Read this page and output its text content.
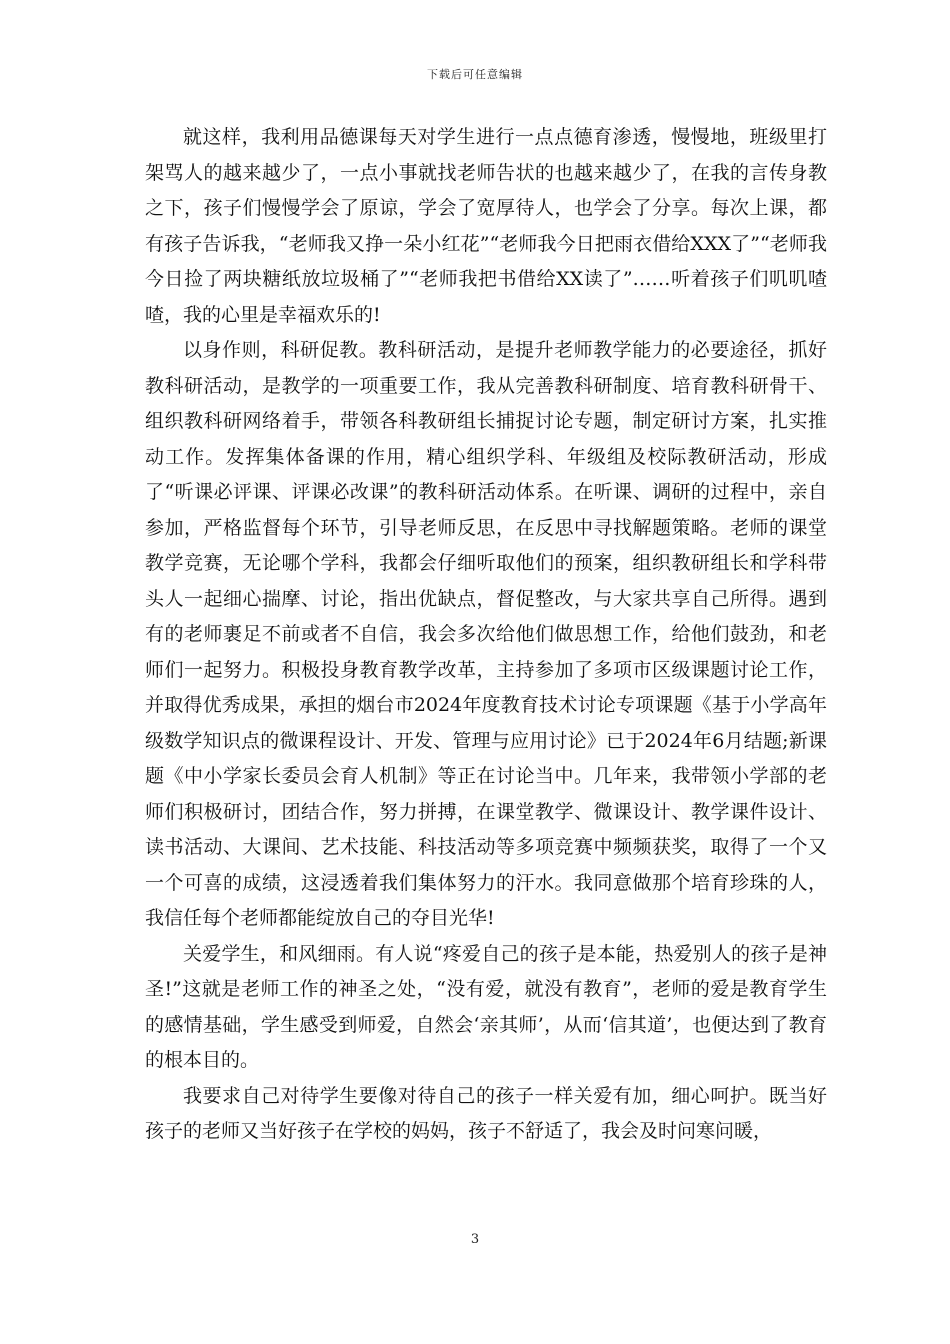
下载后可任意编辑

就这样，我利用品德课每天对学生进行一点点德育渗透，慢慢地，班级里打架骂人的越来越少了，一点小事就找老师告状的也越来越少了，在我的言传身教之下，孩子们慢慢学会了原谅，学会了宽厚待人，也学会了分享。每次上课，都有孩子告诉我，“老师我又挣一朵小红花”“老师我今日把雨衣借给XXX了”“老师我今日捡了两块糖纸放垃圾桶了”“老师我把书借给XX读了”……听着孩子们叽叽喳喳，我的心里是幸福欢乐的!

以身作则，科研促教。教科研活动，是提升老师教学能力的必要途径，抓好教科研活动，是教学的一项重要工作，我从完善教科研制度、培育教科研骨干、组织教科研网络着手，带领各科教研组长捕捉讨论专题，制定研讨方案，扎实推动工作。发挥集体备课的作用，精心组织学科、年级组及校际教研活动，形成了“听课必评课、评课必改课”的教科研活动体系。在听课、调研的过程中，亲自参加，严格监督每个环节，引导老师反思，在反思中寻找解题策略。老师的课堂教学竞赛，无论哪个学科，我都会仔细听取他们的预案，组织教研组长和学科带头人一起细心揣摩、讨论，指出优缺点，督促整改，与大家共享自己所得。遇到有的老师裹足不前或者不自信，我会多次给他们做思想工作，给他们鼓劲，和老师们一起努力。积极投身教育教学改革，主持参加了多项市区级课题讨论工作，并取得优秀成果，承担的烟台市2024年度教育技术讨论专项课题《基于小学高年级数学知识点的微课程设计、开发、管理与应用讨论》已于2024年6月结题;新课题《中小学家长委员会育人机制》等正在讨论当中。几年来，我带领小学部的老师们积极研讨，团结合作，努力拼搏，在课堂教学、微课设计、教学课件设计、读书活动、大课间、艺术技能、科技活动等多项竞赛中频频获奖，取得了一个又一个可喜的成绩，这浸透着我们集体努力的汗水。我同意做那个培育珍珠的人，我信任每个老师都能绽放自己的夺目光华!

关爱学生，和风细雨。有人说“疼爱自己的孩子是本能，热爱别人的孩子是神圣!”这就是老师工作的神圣之处，“没有爱，就没有教育”，老师的爱是教育学生的感情基础，学生感受到师爱，自然会‘亲其师’，从而‘信其道’，也便达到了教育的根本目的。

我要求自己对待学生要像对待自己的孩子一样关爱有加，细心呵护。既当好孩子的老师又当好孩子在学校的妈妈，孩子不舒适了，我会及时问寒问暖，

3
